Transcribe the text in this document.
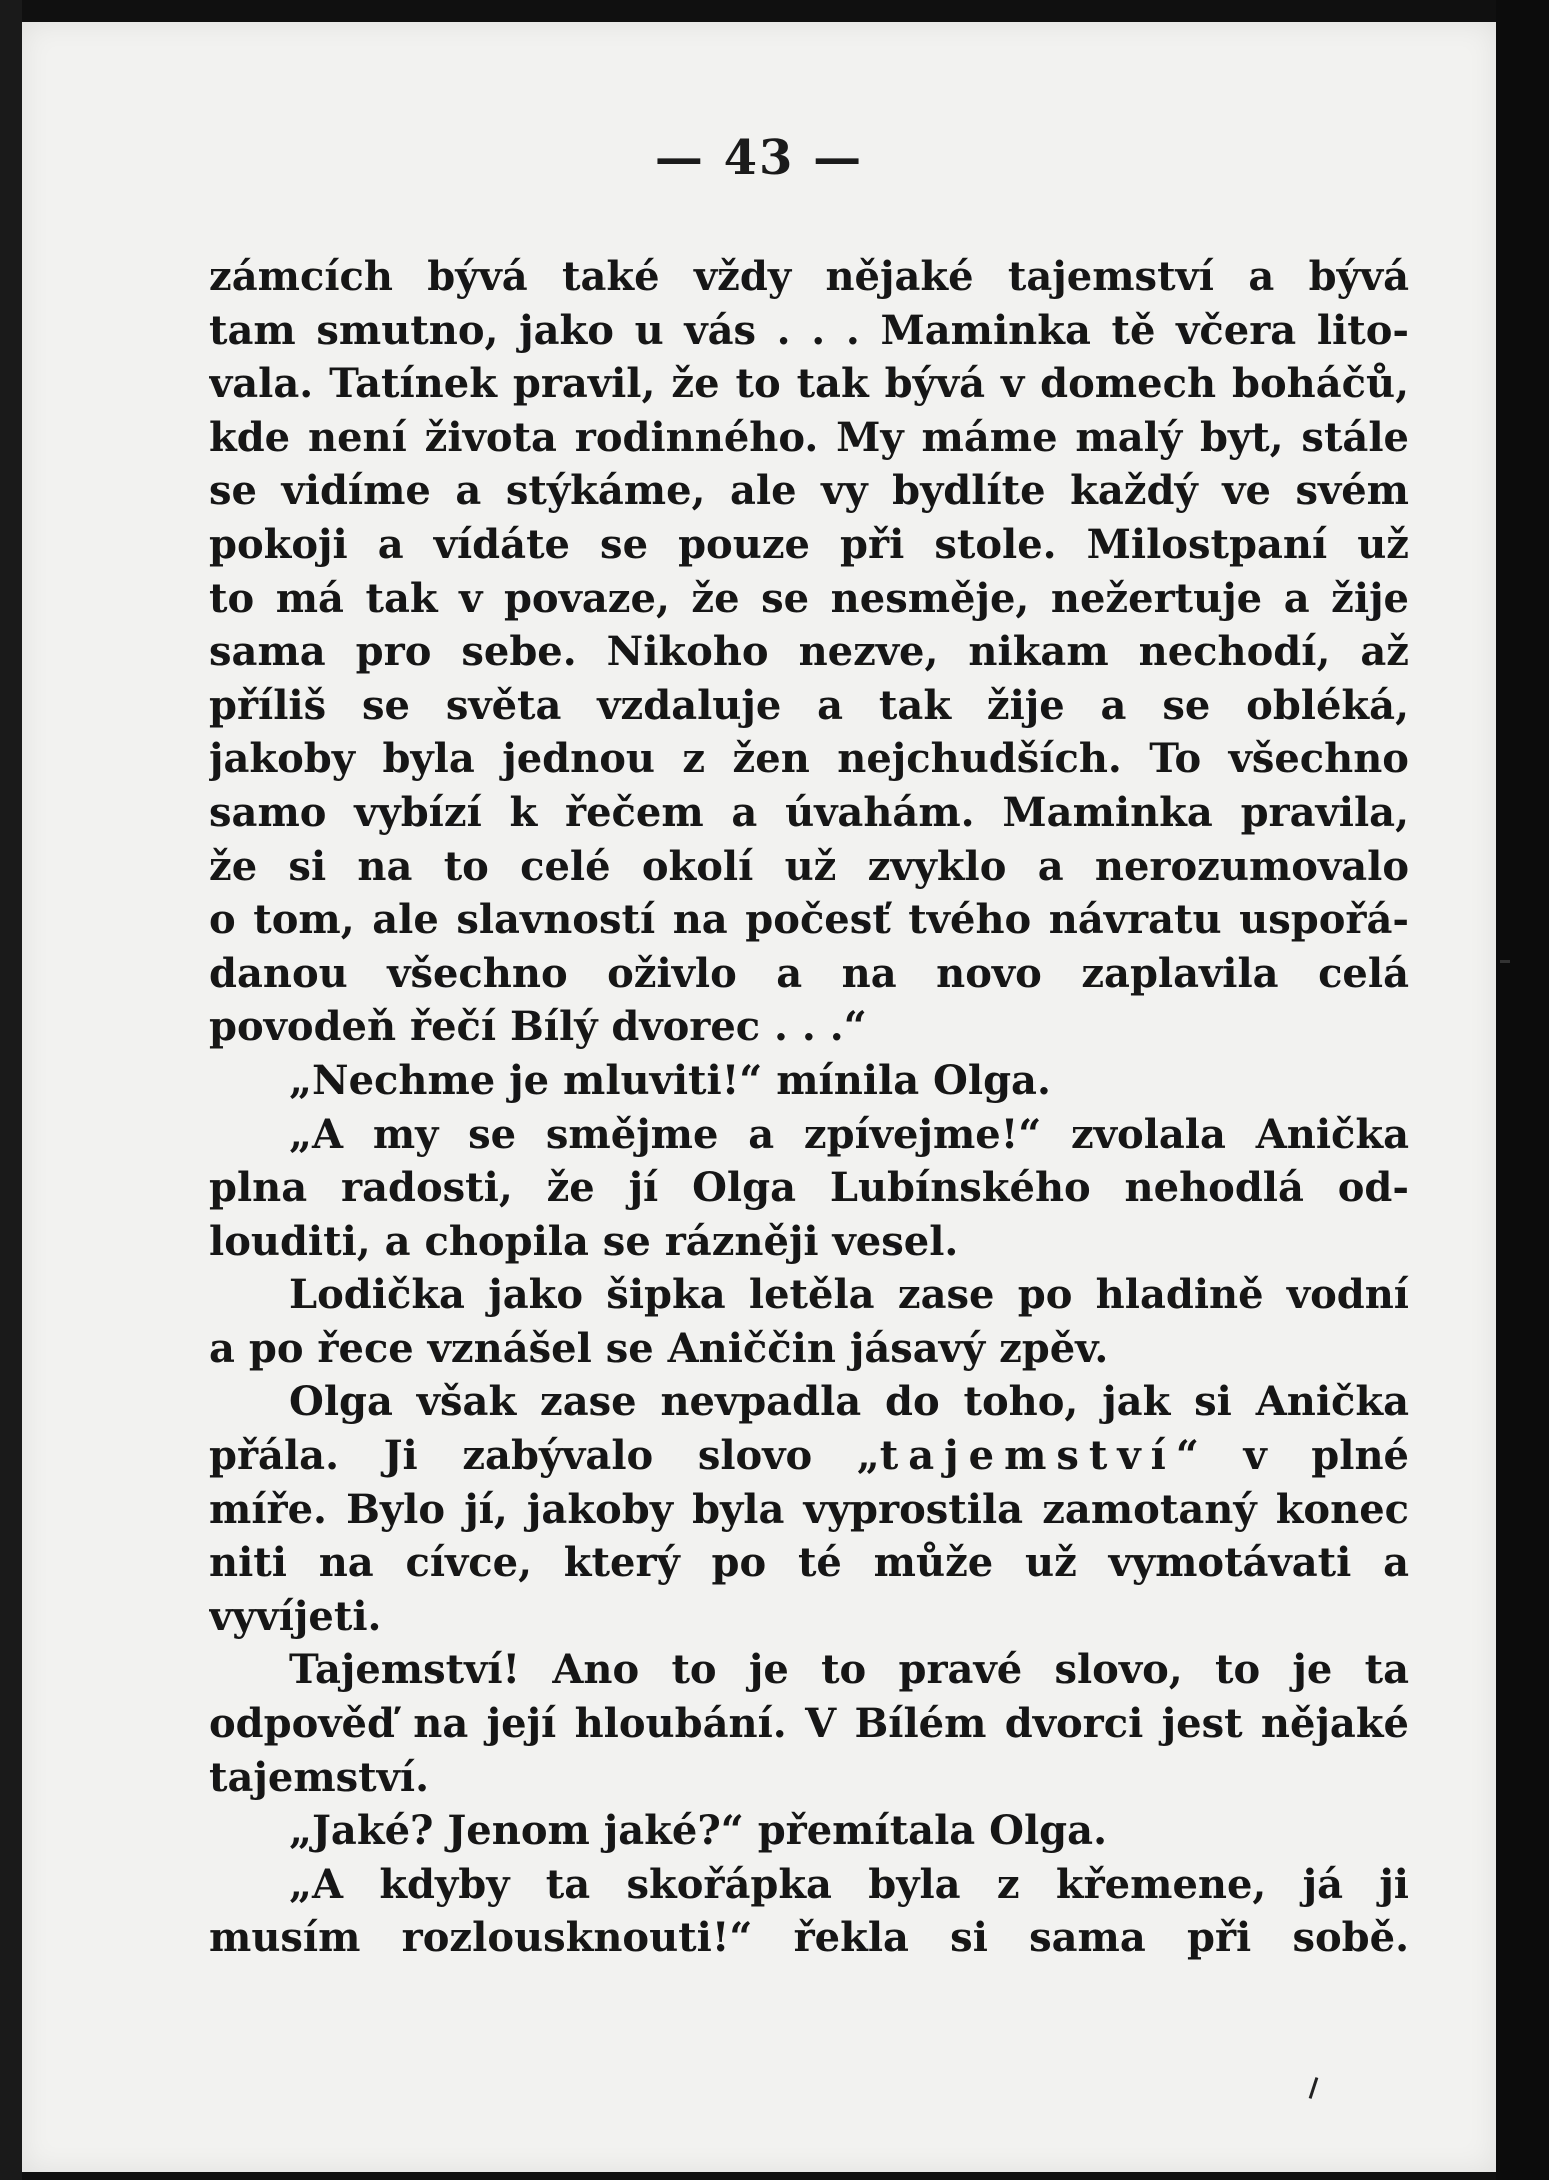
— 43 —
zámcích bývá také vždy nějaké tajemství a bývá
tam smutno, jako u vás . . . Maminka tě včera lito-
vala. Tatínek pravil, že to tak bývá v domech boháčů,
kde není života rodinného. My máme malý byt, stále
se vidíme a stýkáme, ale vy bydlíte každý ve svém
pokoji a vídáte se pouze při stole. Milostpaní už
to má tak v povaze, že se nesměje, nežertuje a žije
sama pro sebe. Nikoho nezve, nikam nechodí, až
příliš se světa vzdaluje a tak žije a se obléká,
jakoby byla jednou z žen nejchudších. To všechno
samo vybízí k řečem a úvahám. Maminka pravila,
že si na to celé okolí už zvyklo a nerozumovalo
o tom, ale slavností na počesť tvého návratu uspořá-
danou všechno oživlo a na novo zaplavila celá
povodeň řečí Bílý dvorec . . .“
„Nechme je mluviti!“ mínila Olga.
„A my se smějme a zpívejme!“ zvolala Anička
plna radosti, že jí Olga Lubínského nehodlá od-
louditi, a chopila se rázněji vesel.
Lodička jako šipka letěla zase po hladině vodní
a po řece vznášel se Aniččin jásavý zpěv.
Olga však zase nevpadla do toho, jak si Anička
přála. Ji zabývalo slovo „tajemství“ v plné
míře. Bylo jí, jakoby byla vyprostila zamotaný konec
niti na cívce, který po té může už vymotávati a
vyvíjeti.
Tajemství! Ano to je to pravé slovo, to je ta
odpověď na její hloubání. V Bílém dvorci jest nějaké
tajemství.
„Jaké? Jenom jaké?“ přemítala Olga.
„A kdyby ta skořápka byla z křemene, já ji
musím rozlousknouti!“ řekla si sama při sobě.
